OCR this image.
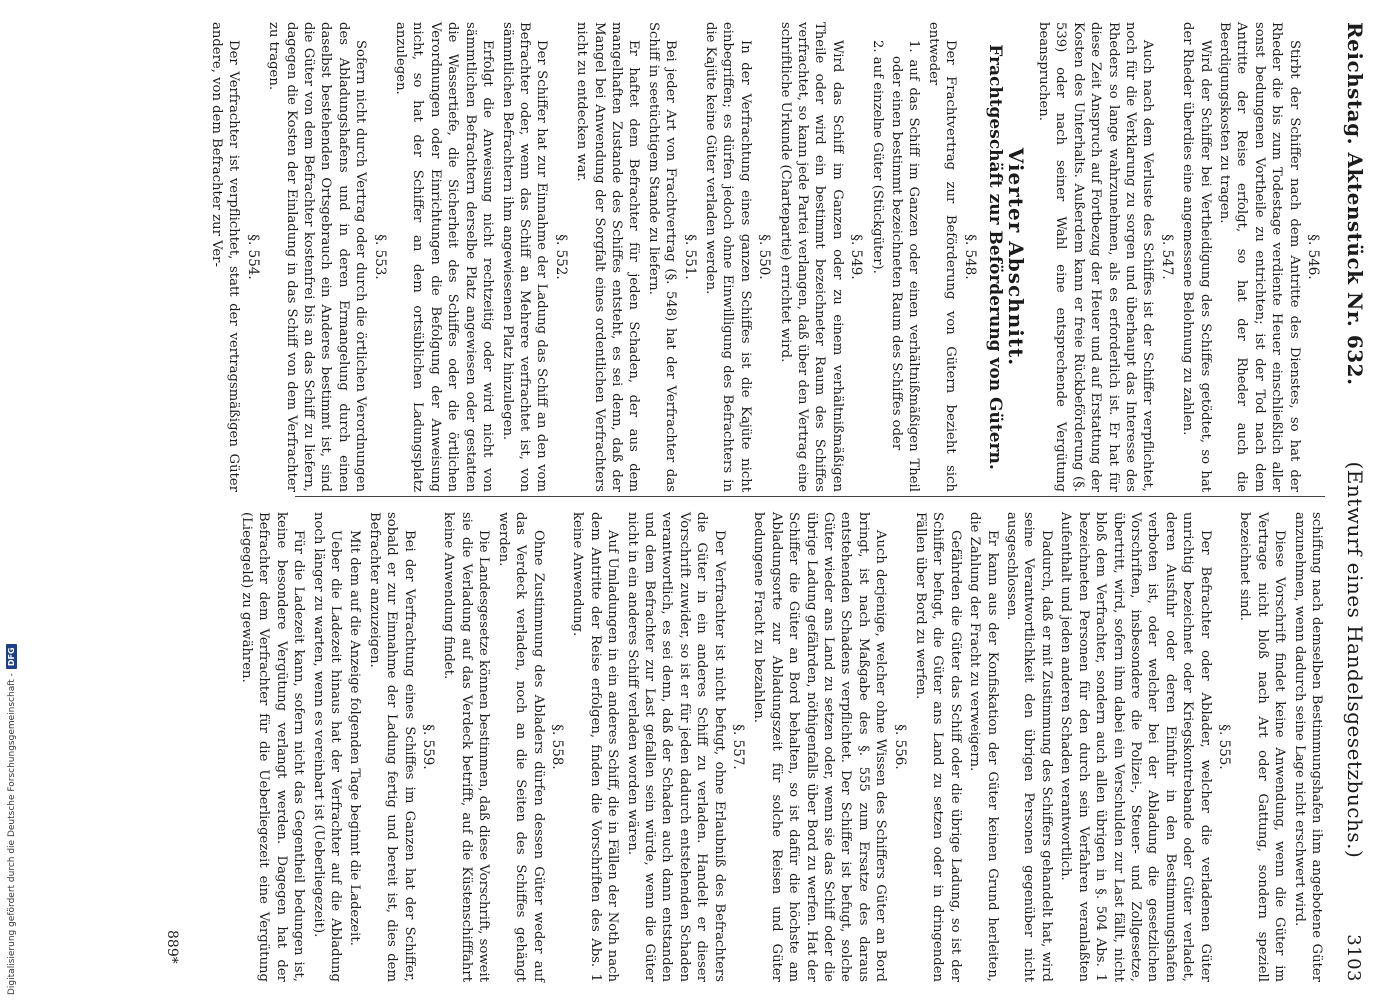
Reichstag. Aktenstück Nr. 632.
(Entwurf eines Handelsgesetzbuchs.)
3103
§. 546.

Stirbt der Schiffer nach dem Antritte des Dienstes, so hat der Rheder die bis zum Todestage verdiente Heuer einschließlich aller sonst bedungenen Vortheile zu entrichten; ist der Tod nach dem Antritte der Reise erfolgt, so hat der Rheder auch die Beerdigungskosten zu tragen.

Wird der Schiffer bei Vertheidigung des Schiffes getödtet, so hat der Rheder überdies eine angemessene Belohnung zu zahlen.

§. 547.

Auch nach dem Verluste des Schiffes ist der Schiffer verpflichtet, noch für die Verklarung zu sorgen und überhaupt das Interesse des Rheders so lange wahrzunehmen, als es erforderlich ist. Er hat für diese Zeit Anspruch auf Fortbezug der Heuer und auf Erstattung der Kosten des Unterhalts. Außerdem kann er freie Rückbeförderung (§. 539) oder nach seiner Wahl eine entsprechende Vergütung beanspruchen.

Vierter Abschnitt.
Frachtgeschäft zur Beförderung von Gütern.
§. 548.

Der Frachtvertrag zur Beförderung von Gütern bezieht sich entweder

1. auf das Schiff im Ganzen oder einen verhältnißmäßigen Theil oder einen bestimmt bezeichneten Raum des Schiffes oder

2. auf einzelne Güter (Stückgüter).

§. 549.

Wird das Schiff im Ganzen oder zu einem verhältnißmäßigen Theile oder wird ein bestimmt bezeichneter Raum des Schiffes verfrachtet, so kann jede Partei verlangen, daß über den Vertrag eine schriftliche Urkunde (Chartepartie) errichtet wird.

§. 550.

In der Verfrachtung eines ganzen Schiffes ist die Kajüte nicht einbegriffen; es dürfen jedoch ohne Einwilligung des Befrachters in die Kajüte keine Güter verladen werden.

§. 551.

Bei jeder Art von Frachtvertrag (§. 548) hat der Verfrachter das Schiff in seetüchtigem Stande zu liefern.

Er haftet dem Befrachter für jeden Schaden, der aus dem mangelhaften Zustande des Schiffes entsteht, es sei denn, daß der Mangel bei Anwendung der Sorgfalt eines ordentlichen Verfrachters nicht zu entdecken war.

§. 552.

Der Schiffer hat zur Einnahme der Ladung das Schiff an den vom Befrachter oder, wenn das Schiff an Mehrere verfrachtet ist, von sämmtlichen Befrachtern ihm angewiesenen Platz hinzulegen.

Erfolgt die Anweisung nicht rechtzeitig oder wird nicht von sämmtlichen Befrachtern derselbe Platz angewiesen oder gestatten die Wassertiefe, die Sicherheit des Schiffes oder die örtlichen Verordnungen oder Einrichtungen die Befolgung der Anweisung nicht, so hat der Schiffer an dem ortsüblichen Ladungsplatz anzulegen.

§. 553.

Sofern nicht durch Vertrag oder durch die örtlichen Verordnungen des Abladungshafens und in deren Ermangelung durch einen daselbst bestehenden Ortsgebrauch ein Anderes bestimmt ist, sind die Güter von dem Befrachter kostenfrei bis an das Schiff zu liefern, dagegen die Kosten der Einladung in das Schiff von dem Verfrachter zu tragen.

§. 554.

Der Verfrachter ist verpflichtet, statt der vertragsmäßigen Güter andere, von dem Befrachter zur Ver-

schiffung nach demselben Bestimmungshafen ihm angebotene Güter anzunehmen, wenn dadurch seine Lage nicht erschwert wird.

Diese Vorschrift findet keine Anwendung, wenn die Güter im Vertrage nicht bloß nach Art oder Gattung, sondern speziell bezeichnet sind.

§. 555.

Der Befrachter oder Ablader, welcher die verladenen Güter unrichtig bezeichnet oder Kriegskontrebande oder Güter verladet, deren Ausfuhr oder deren Einfuhr in den Bestimmungshafen verboten ist, oder welcher bei der Abladung die gesetzlichen Vorschriften, insbesondere die Polizei-, Steuer- und Zollgesetze, übertritt, wird, sofern ihm dabei ein Verschulden zur Last fällt, nicht bloß dem Verfrachter, sondern auch allen übrigen in §. 504 Abs. 1 bezeichneten Personen für den durch sein Verfahren veranlaßten Aufenthalt und jeden anderen Schaden verantwortlich.

Dadurch, daß er mit Zustimmung des Schiffers gehandelt hat, wird seine Verantwortlichkeit den übrigen Personen gegenüber nicht ausgeschlossen.

Er kann aus der Konfiskation der Güter keinen Grund herleiten, die Zahlung der Fracht zu verweigern.

Gefährden die Güter das Schiff oder die übrige Ladung, so ist der Schiffer befugt, die Güter ans Land zu setzen oder in dringenden Fällen über Bord zu werfen.

§. 556.

Auch derjenige, welcher ohne Wissen des Schiffers Güter an Bord bringt, ist nach Maßgabe des §. 555 zum Ersatze des daraus entstehenden Schadens verpflichtet. Der Schiffer ist befugt, solche Güter wieder ans Land zu setzen oder, wenn sie das Schiff oder die übrige Ladung gefährden, nöthigenfalls über Bord zu werfen. Hat der Schiffer die Güter an Bord behalten, so ist dafür die höchste am Abladungsorte zur Abladungszeit für solche Reisen und Güter bedungene Fracht zu bezahlen.

§. 557.

Der Verfrachter ist nicht befugt, ohne Erlaubniß des Befrachters die Güter in ein anderes Schiff zu verladen. Handelt er dieser Vorschrift zuwider, so ist er für jeden dadurch entstehenden Schaden verantwortlich, es sei denn, daß der Schaden auch dann entstanden und dem Befrachter zur Last gefallen sein würde, wenn die Güter nicht in ein anderes Schiff verladen worden wären.

Auf Umladungen in ein anderes Schiff, die in Fällen der Noth nach dem Antritte der Reise erfolgen, finden die Vorschriften des Abs. 1 keine Anwendung.

§. 558.

Ohne Zustimmung des Abladers dürfen dessen Güter weder auf das Verdeck verladen, noch an die Seiten des Schiffes gehängt werden.

Die Landesgesetze können bestimmen, daß diese Vorschrift, soweit sie die Verladung auf das Verdeck betrifft, auf die Küstenschifffahrt keine Anwendung findet.

§. 559.

Bei der Verfrachtung eines Schiffes im Ganzen hat der Schiffer, sobald er zur Einnahme der Ladung fertig und bereit ist, dies dem Befrachter anzuzeigen.

Mit dem auf die Anzeige folgenden Tage beginnt die Ladezeit.

Ueber die Ladezeit hinaus hat der Verfrachter auf die Abladung noch länger zu warten, wenn es vereinbart ist (Ueberliegezeit).

Für die Ladezeit kann, sofern nicht das Gegentheil bedungen ist, keine besondere Vergütung verlangt werden. Dagegen hat der Befrachter dem Verfrachter für die Ueberliegezeit eine Vergütung (Liegegeld) zu gewähren.

889*
Digitalisierung gefördert durch die Deutsche Forschungsgemeinschaft -
DFG
